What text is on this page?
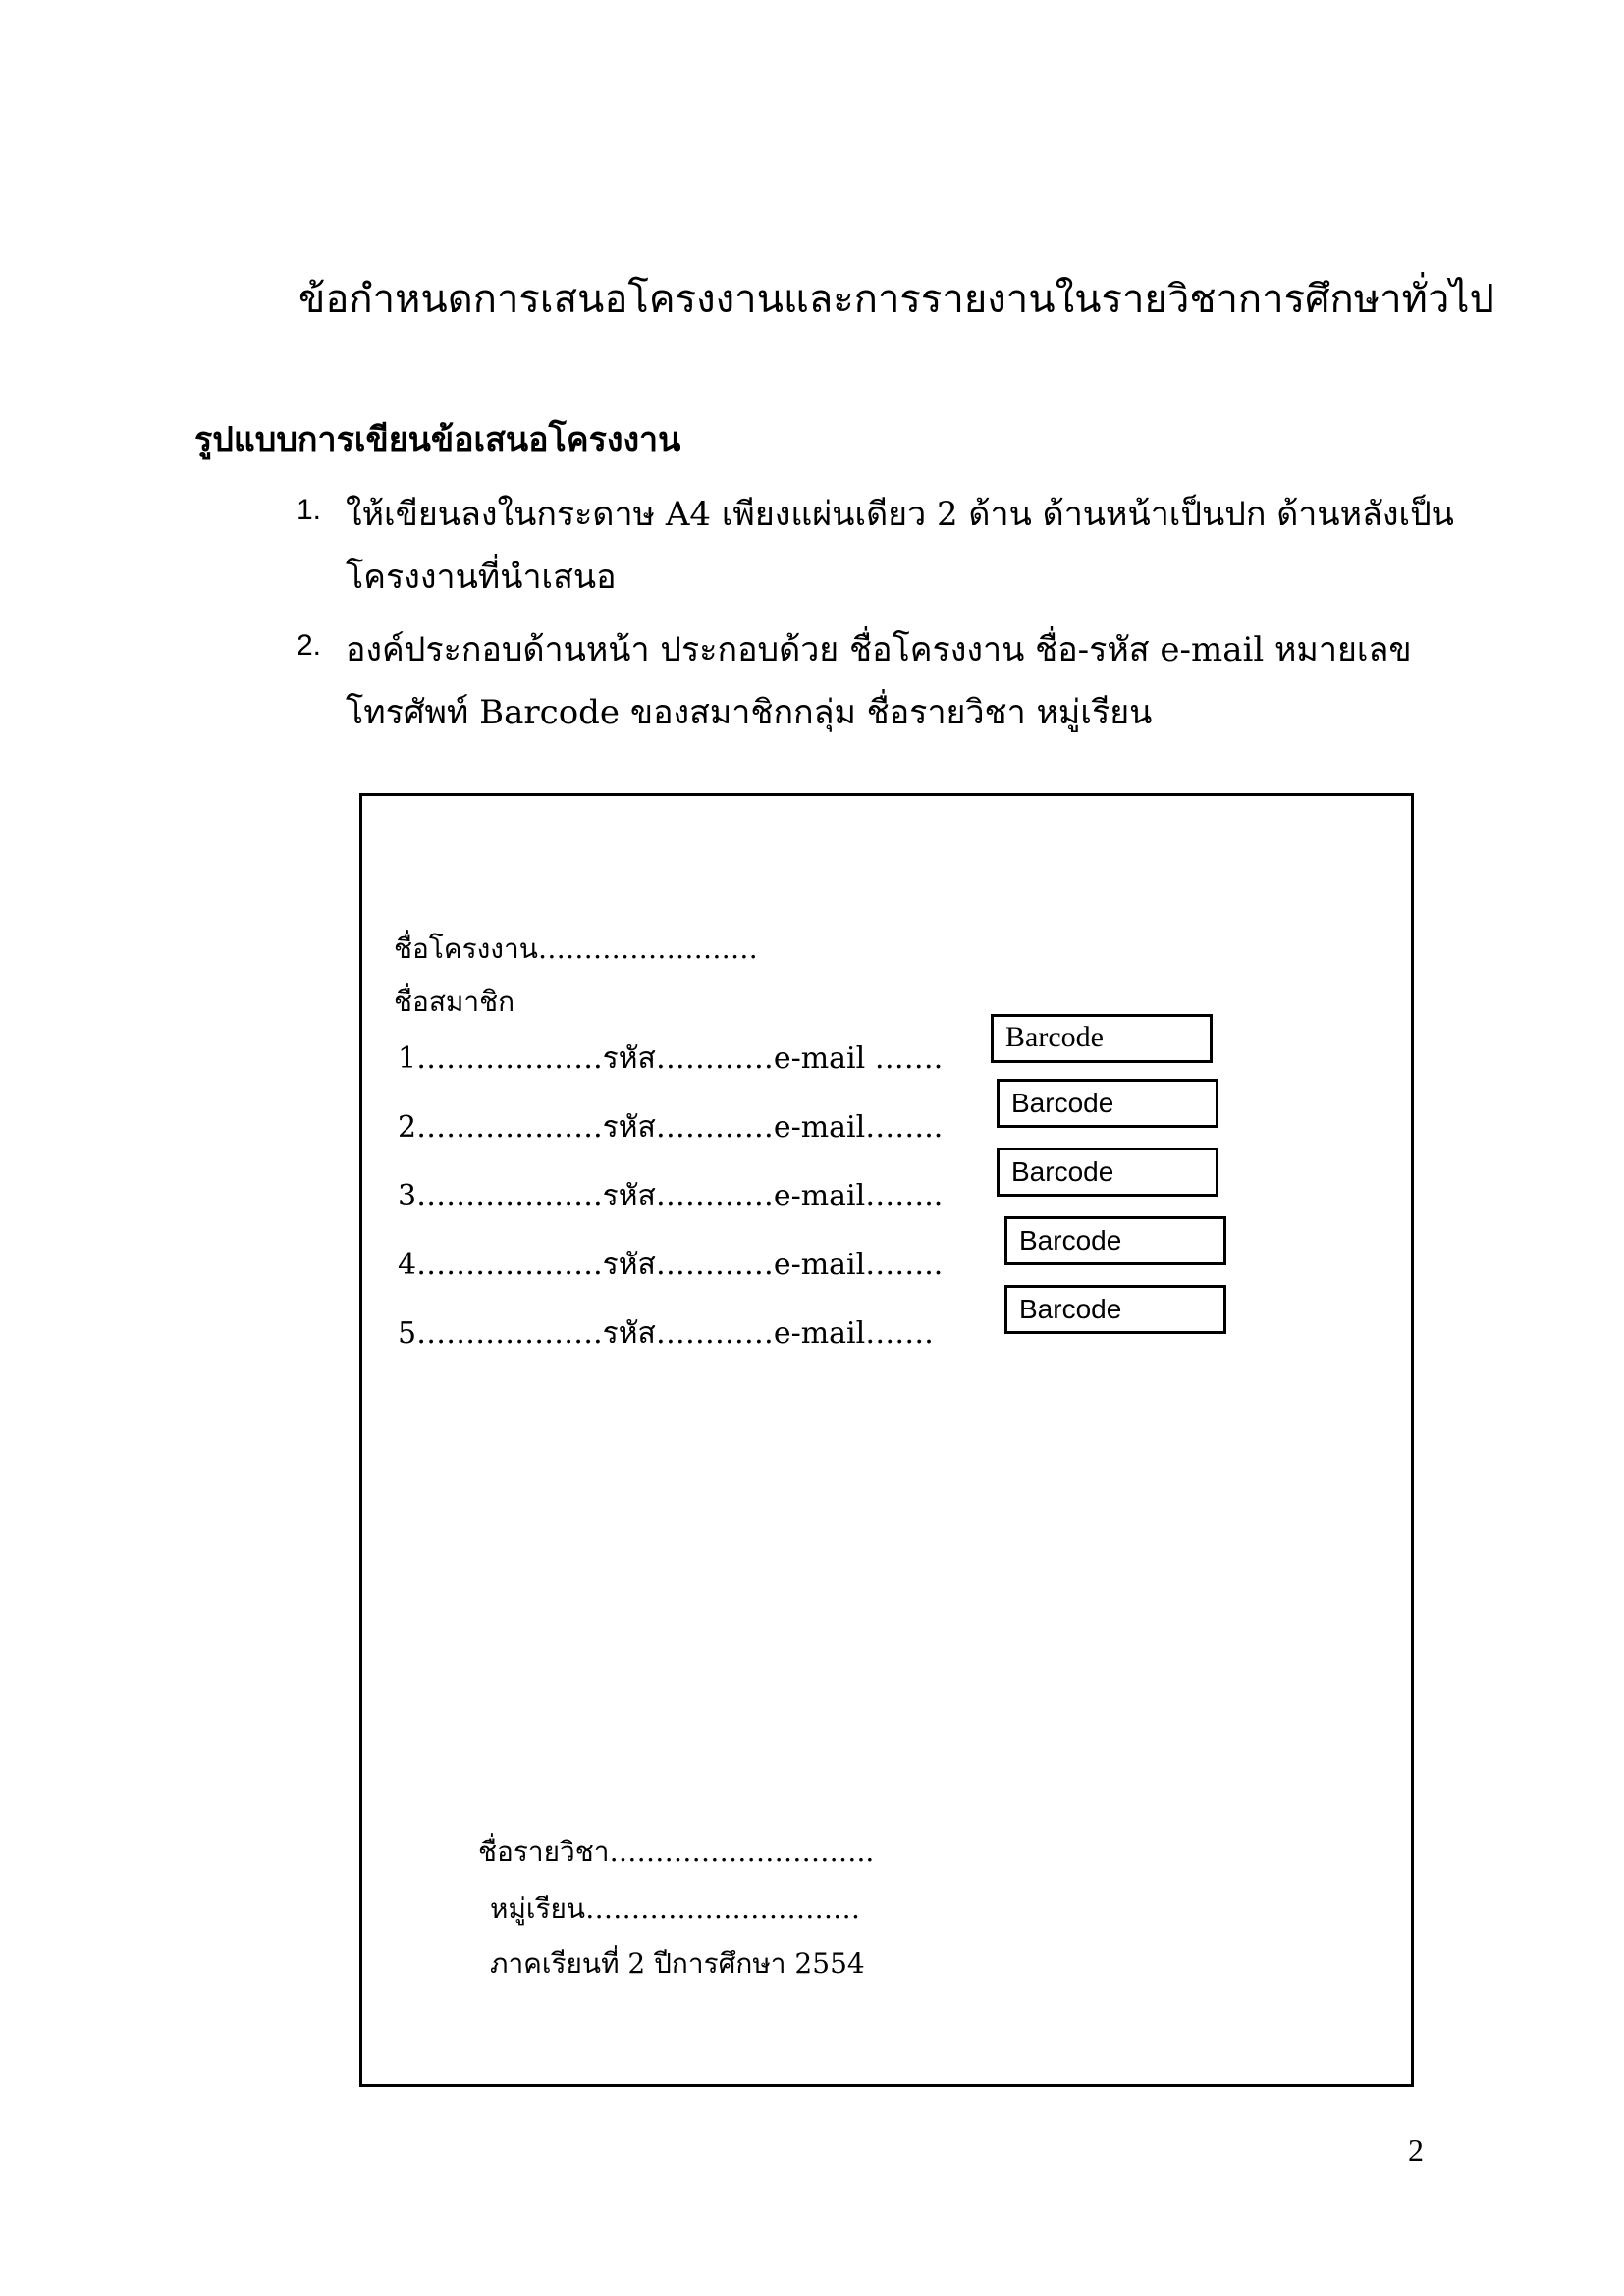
ข้อกำหนดการเสนอโครงงานและการรายงานในรายวิชาการศึกษาทั่วไป
รูปแบบการเขียนข้อเสนอโครงงาน
1. ให้เขียนลงในกระดาษ A4 เพียงแผ่นเดียว 2 ด้าน ด้านหน้าเป็นปก ด้านหลังเป็น
โครงงานที่นำเสนอ
2. องค์ประกอบด้านหน้า ประกอบด้วย ชื่อโครงงาน ชื่อ-รหัส e-mail หมายเลข
โทรศัพท์ Barcode ของสมาชิกกลุ่ม ชื่อรายวิชา หมู่เรียน
ชื่อโครงงาน……………………
ชื่อสมาชิก
1……………….รหัส…………e-mail …….
Barcode
2……………….รหัส…………e-mail……..
Barcode
3……………….รหัส…………e-mail……..
Barcode
4……………….รหัส…………e-mail……..
Barcode
5……………….รหัส…………e-mail…….
Barcode
ชื่อรายวิชา………………………..
หมู่เรียน…………………………
ภาคเรียนที่ 2 ปีการศึกษา 2554
2
